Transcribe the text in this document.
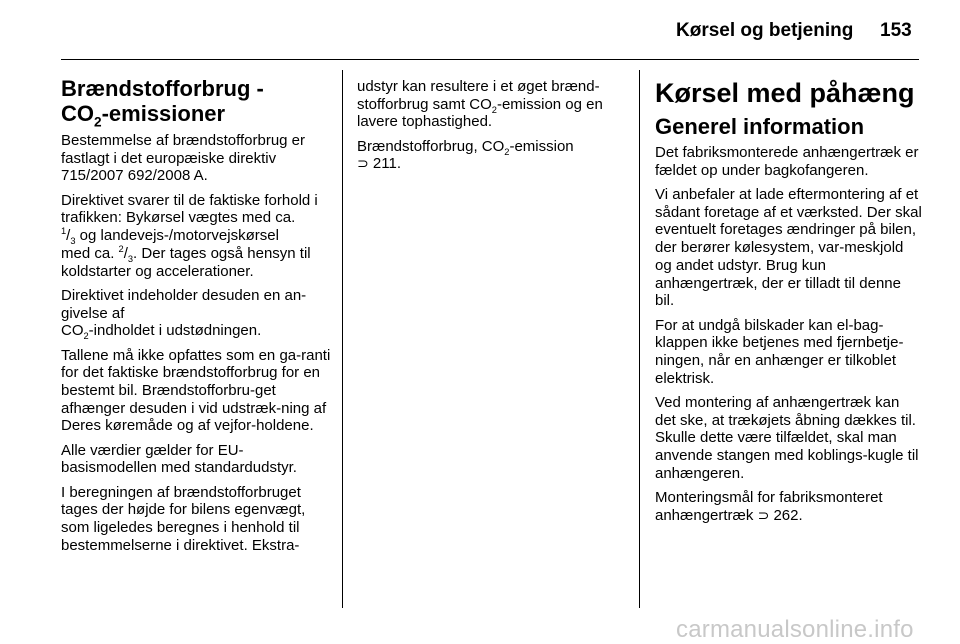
Kørsel og betjening 153
Brændstofforbrug -
$CO_2$-emissioner

Bestemmelse af brændstofforbrug er fastlagt i det europæiske direktiv 715/2007 692/2008 A.

Direktivet svarer til de faktiske forhold i trafikken: Bykørsel vægtes med ca.
$^1/_3$ og landevejs-/motorvejskørsel
med ca. $^2/_3$. Der tages også hensyn til koldstarter og accelerationer.

Direktivet indeholder desuden en an-givelse af
$CO_2$-indholdet i udstødningen.

Tallene må ikke opfattes som en ga-ranti for det faktiske brændstofforbrug for en bestemt bil. Brændstofforbru-get afhænger desuden i vid udstræk-ning af Deres køremåde og af vejfor-holdene.

Alle værdier gælder for EU-basismodellen med standardudstyr.

I beregningen af brændstofforbruget tages der højde for bilens egenvægt, som ligeledes beregnes i henhold til bestemmelserne i direktivet. Ekstra-

udstyr kan resultere i et øget brænd-stofforbrug samt $CO_2$-emission og en lavere tophastighed.

Brændstofforbrug, $CO_2$-emission
⊃ 211.

Kørsel med påhæng
Generel information

Det fabriksmonterede anhængertræk er fældet op under bagkofangeren.

Vi anbefaler at lade eftermontering af et sådant foretage af et værksted. Der skal eventuelt foretages ændringer på bilen, der berører kølesystem, var-meskjold og andet udstyr. Brug kun anhængertræk, der er tilladt til denne bil.

For at undgå bilskader kan el-bag-klappen ikke betjenes med fjernbetje-ningen, når en anhænger er tilkoblet elektrisk.

Ved montering af anhængertræk kan det ske, at trækøjets åbning dækkes til. Skulle dette være tilfældet, skal man anvende stangen med koblings-kugle til anhængeren.

Monteringsmål for fabriksmonteret anhængertræk ⊃ 262.

carmanualsonline.info
